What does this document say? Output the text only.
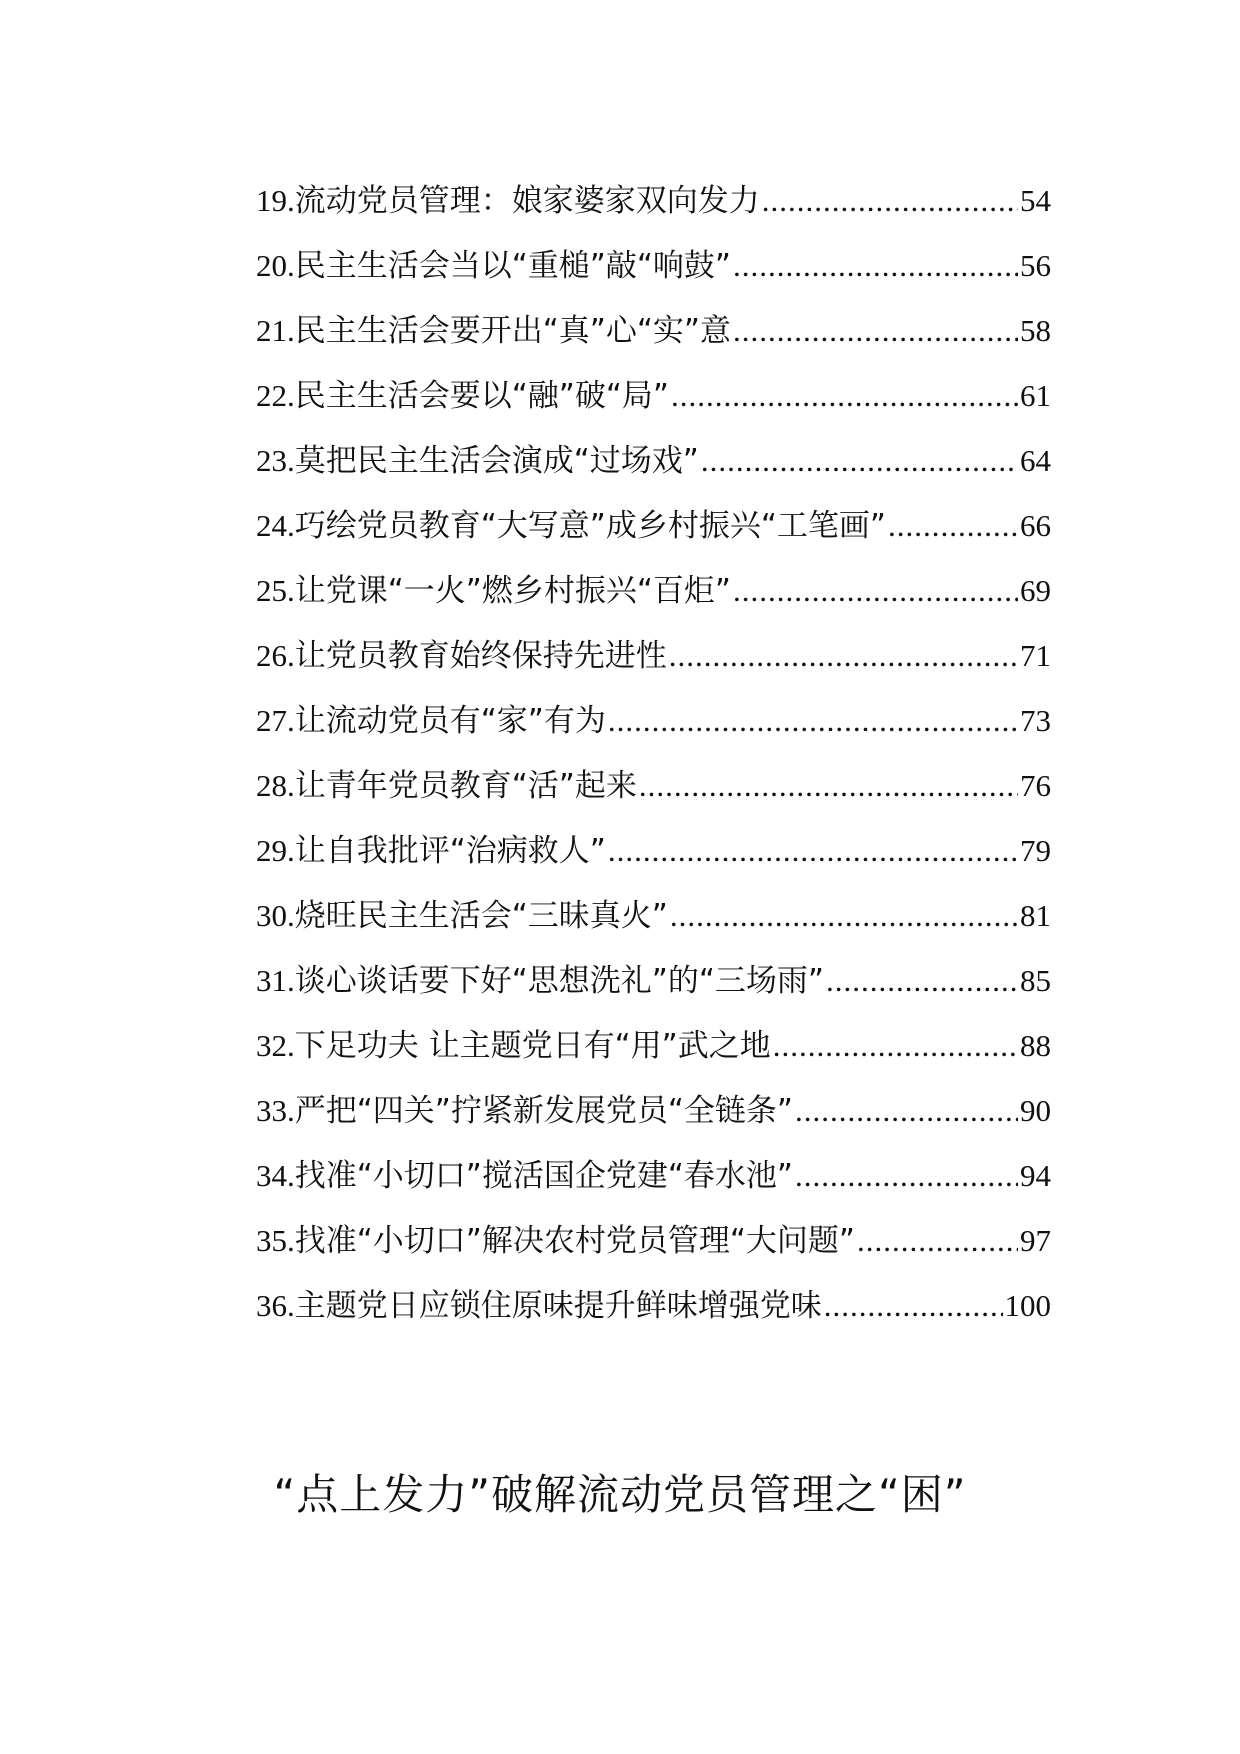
19.流动党员管理：娘家婆家双向发力 .....	54
20.民主生活会当以“重槌”敲“响鼓” .....	56
21.民主生活会要开出“真”心“实”意 .....	58
22.民主生活会要以“融”破“局” .....	61
23.莫把民主生活会演成“过场戏” .....	64
24.巧绘党员教育“大写意”成乡村振兴“工笔画” .....	66
25.让党课“一火”燃乡村振兴“百炬” .....	69
26.让党员教育始终保持先进性 .....	71
27.让流动党员有“家”有为 .....	73
28.让青年党员教育“活”起来 .....	76
29.让自我批评“治病救人” .....	79
30.烧旺民主生活会“三昧真火” .....	81
31.谈心谈话要下好“思想洗礼”的“三场雨” .....	85
32.下足功夫 让主题党日有“用”武之地 .....	88
33.严把“四关”拧紧新发展党员“全链条” .....	90
34.找准“小切口”搅活国企党建“春水池” .....	94
35.找准“小切口”解决农村党员管理“大问题” .....	97
36.主题党日应锁住原味提升鲜味增强党味 .....	100
“点上发力”破解流动党员管理之“困”
